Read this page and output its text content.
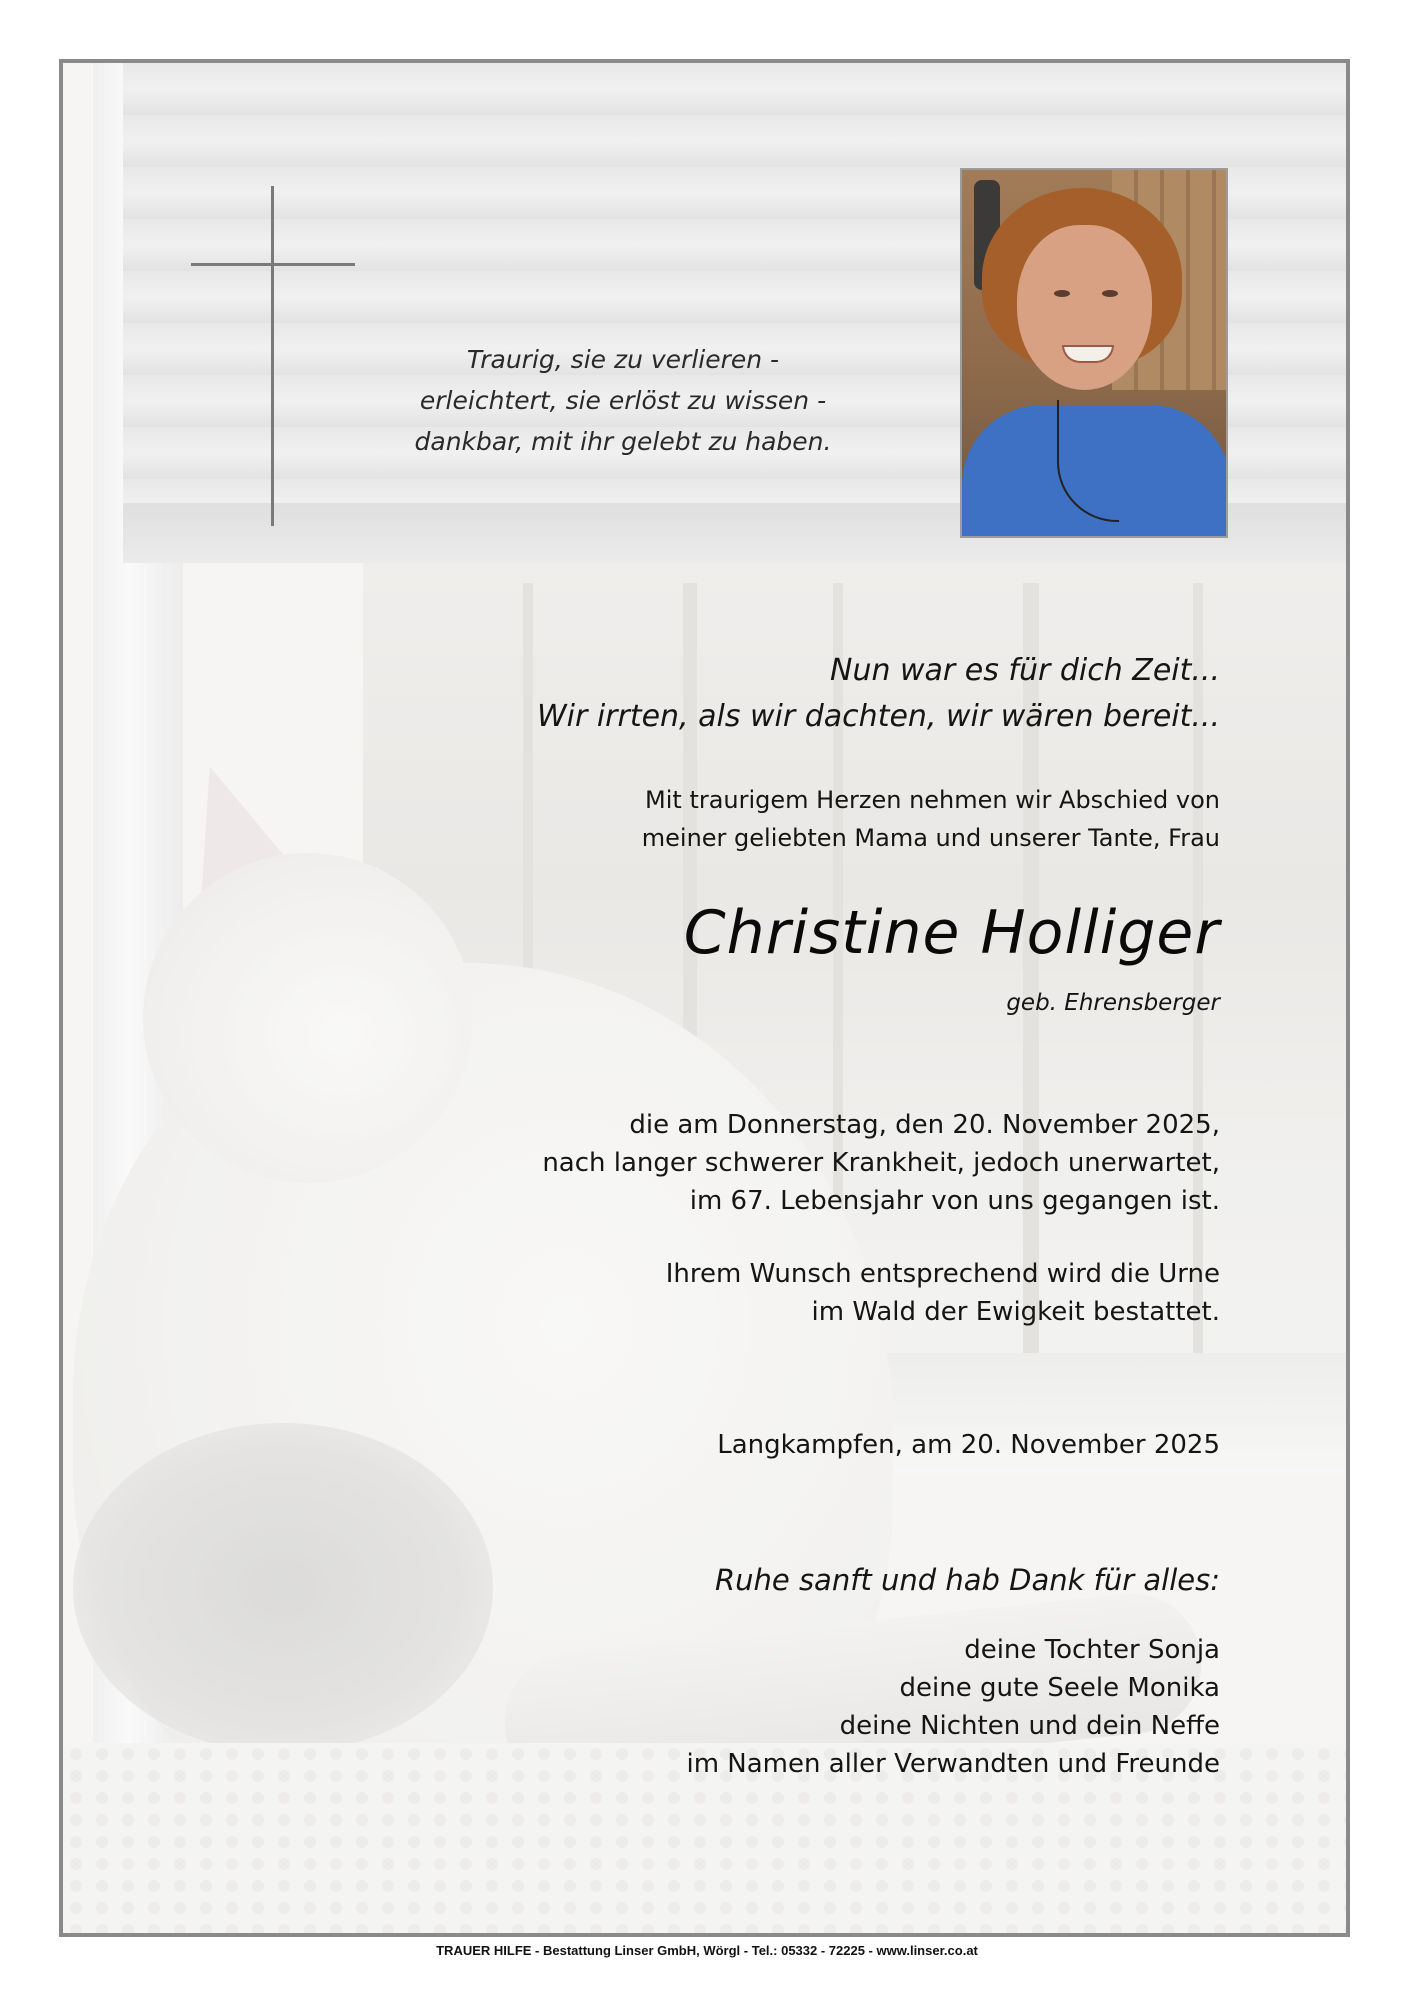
Traurig, sie zu verlieren -
erleichtert, sie erlöst zu wissen -
dankbar, mit ihr gelebt zu haben.
Nun war es für dich Zeit...
Wir irrten, als wir dachten, wir wären bereit...
Mit traurigem Herzen nehmen wir Abschied von
meiner geliebten Mama und unserer Tante, Frau
Christine Holliger
geb. Ehrensberger
die am Donnerstag, den 20. November 2025,
nach langer schwerer Krankheit, jedoch unerwartet,
im 67. Lebensjahr von uns gegangen ist.
Ihrem Wunsch entsprechend wird die Urne
im Wald der Ewigkeit bestattet.
Langkampfen, am 20. November 2025
Ruhe sanft und hab Dank für alles:
deine Tochter Sonja
deine gute Seele Monika
deine Nichten und dein Neffe
im Namen aller Verwandten und Freunde
TRAUER HILFE - Bestattung Linser GmbH, Wörgl - Tel.: 05332 - 72225 - www.linser.co.at
